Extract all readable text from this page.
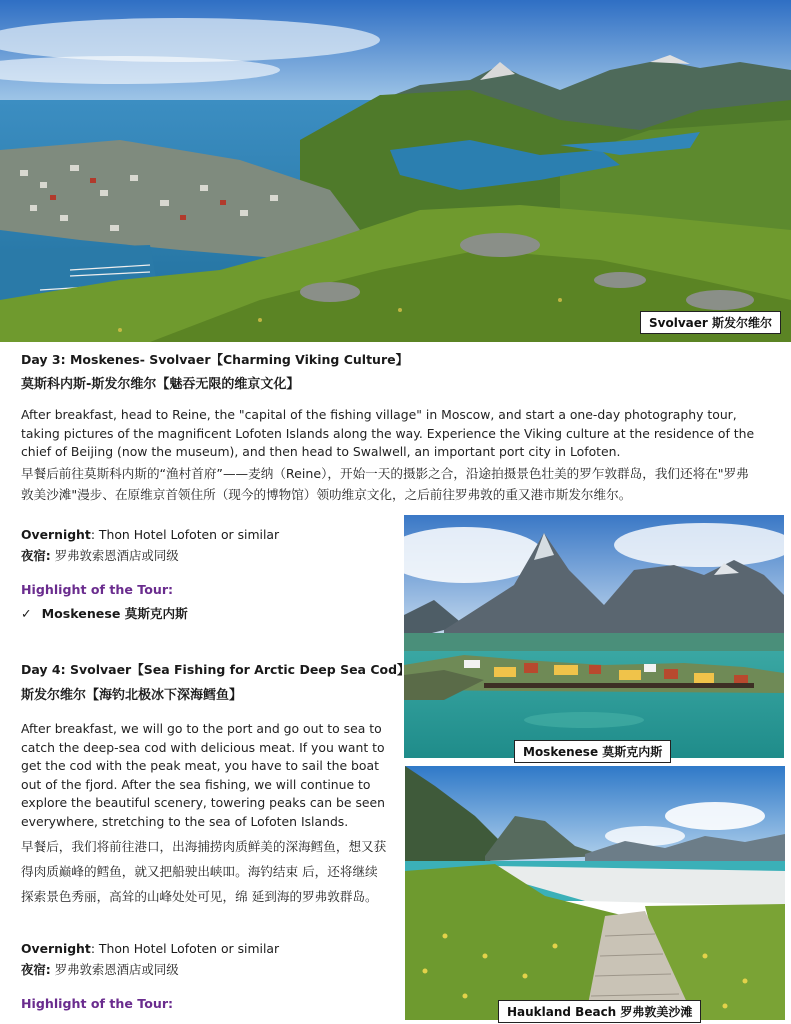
Svolvaer 斯发尔维尔
Day 3: Moskenes- Svolvaer【Charming Viking Culture】
莫斯科内斯-斯发尔维尔【魅吞无限的维京文化】
After breakfast, head to Reine, the "capital of the fishing village" in Moscow, and start a one-day photography tour, taking pictures of the magnificent Lofoten Islands along the way. Experience the Viking culture at the residence of the chief of Beijing (now the museum), and then head to Swalwell, an important port city in Lofoten.
早餐后前往莫斯科内斯的“渔村首府”——麦纳（Reine），开始一天的摄影之合，沿途拍摄景色壮美的罗乍敦群岛，我们还将在"罗弗敦美沙滩"漫步、在原维京首领住所（现今的博物馆）领叻维京文化，之后前往罗弗敦的重又港市斯发尔维尔。
Overnight: Thon Hotel Lofoten or similar
夜宿: 罗弗敦索恩酒店或同级
Highlight of the Tour:
✓ Moskenese 莫斯克内斯
Moskenese 莫斯克内斯
Day 4: Svolvaer【Sea Fishing for Arctic Deep Sea Cod】
斯发尔维尔【海钓北极冰下深海鳕鱼】
After breakfast, we will go to the port and go out to sea to catch the deep-sea cod with delicious meat. If you want to get the cod with the peak meat, you have to sail the boat out of the fjord. After the sea fishing, we will continue to explore the beautiful scenery, towering peaks can be seen everywhere, stretching to the sea of Lofoten Islands.
早餐后，我们将前往港口，出海捕捞肉质鲜美的深海鳕鱼，想又获得肉质巅峰的鳕鱼，就又把船驶出峡吅。海钓结束 后，还将继续探索景色秀丽，高耸的山峰处处可见，绵 延到海的罗弗敦群岛。
Overnight: Thon Hotel Lofoten or similar
夜宿: 罗弗敦索恩酒店或同级
Highlight of the Tour:
Haukland Beach 罗弗敦美沙滩
